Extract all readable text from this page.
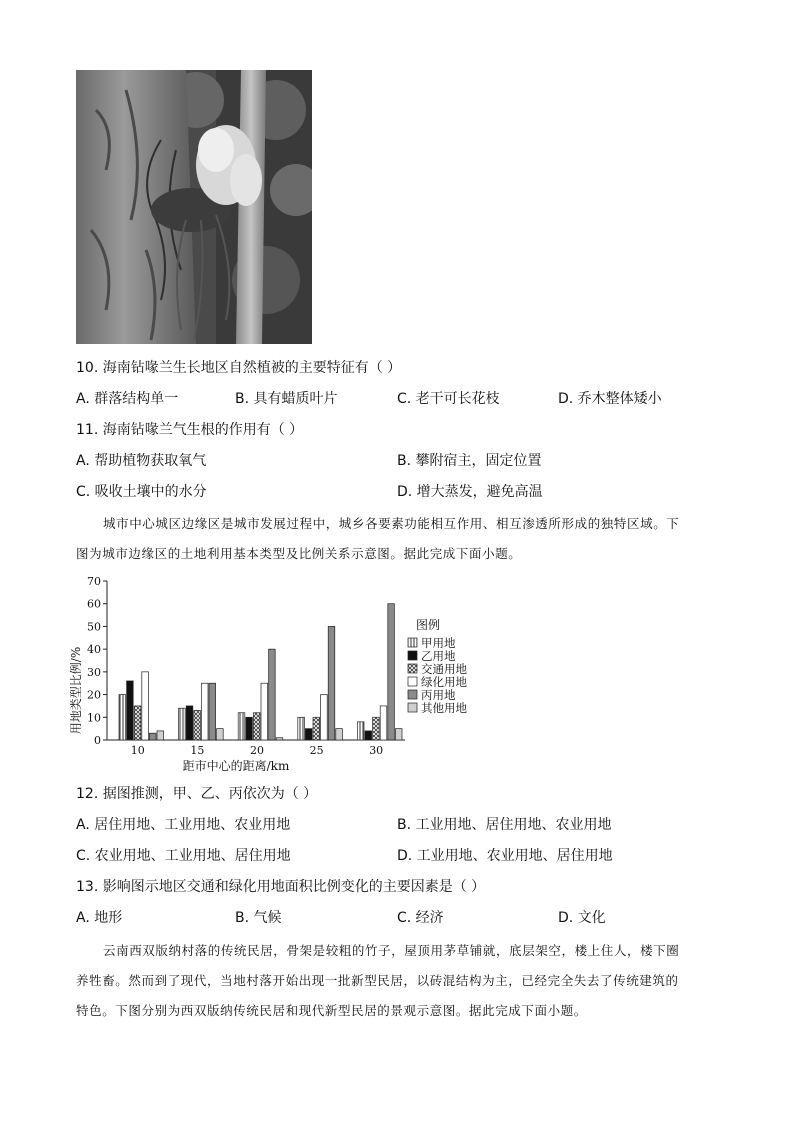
10. 海南钻喙兰生长地区自然植被的主要特征有（ ）
A. 群落结构单一	B. 具有蜡质叶片	C. 老干可长花枝	D. 乔木整体矮小
11. 海南钻喙兰气生根的作用有（ ）
A. 帮助植物获取氧气	B. 攀附宿主，固定位置
C. 吸收土壤中的水分	D. 增大蒸发，避免高温
城市中心城区边缘区是城市发展过程中，城乡各要素功能相互作用、相互渗透所形成的独特区域。下
图为城市边缘区的土地利用基本类型及比例关系示意图。据此完成下面小题。
0
10
20
30
40
50
60
70
10	15	20	25	30
距市中心的距离/km
用地类型比例/%
图例
甲用地
乙用地
交通用地
绿化用地
丙用地
其他用地
12. 据图推测，甲、乙、丙依次为（ ）
A. 居住用地、工业用地、农业用地	B. 工业用地、居住用地、农业用地
C. 农业用地、工业用地、居住用地	D. 工业用地、农业用地、居住用地
13. 影响图示地区交通和绿化用地面积比例变化的主要因素是（ ）
A. 地形	B. 气候	C. 经济	D. 文化
云南西双版纳村落的传统民居，骨架是较粗的竹子，屋顶用茅草铺就，底层架空，楼上住人，楼下圈
养牲畜。然而到了现代，当地村落开始出现一批新型民居，以砖混结构为主，已经完全失去了传统建筑的
特色。下图分别为西双版纳传统民居和现代新型民居的景观示意图。据此完成下面小题。
